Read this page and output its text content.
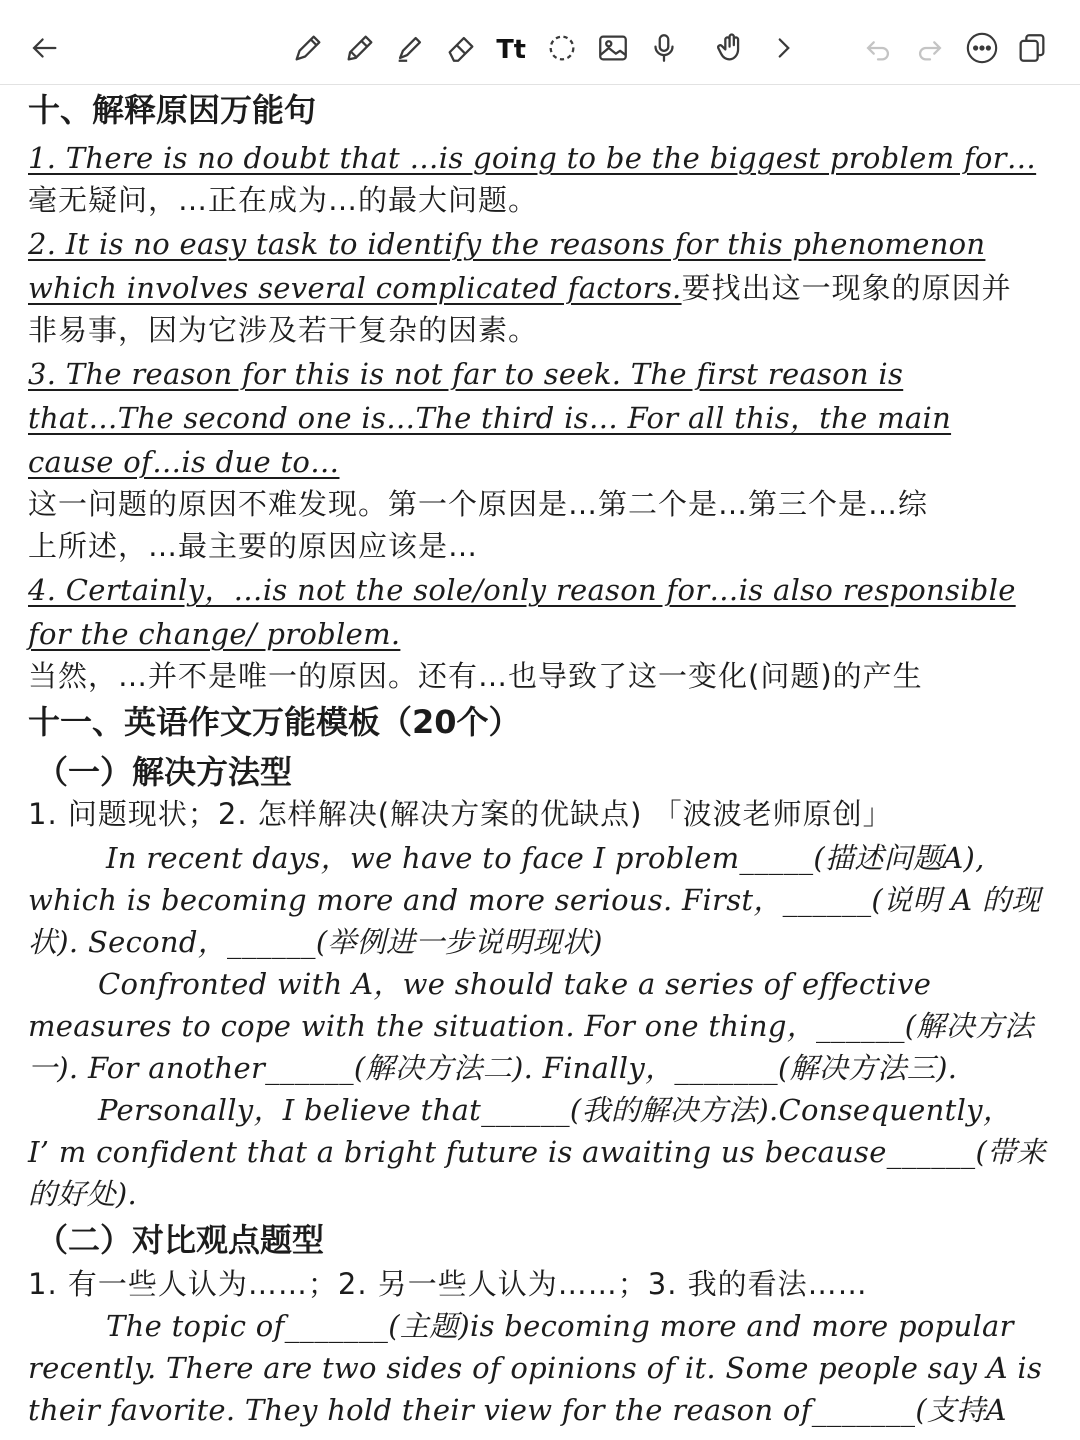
Tt
十、解释原因万能句
1. There is no doubt that …is going to be the biggest problem for…
毫无疑问，…正在成为…的最大问题。
2. It is no easy task to identify the reasons for this phenomenon
which involves several complicated factors.要找出这一现象的原因并
非易事，因为它涉及若干复杂的因素。
3. The reason for this is not far to seek. The first reason is
that…The second one is…The third is… For all this，the main
cause of…is due to…
这一问题的原因不难发现。第一个原因是…第二个是…第三个是…综
上所述，…最主要的原因应该是…
4. Certainly，…is not the sole/only reason for…is also responsible
for the change/ problem.
当然，…并不是唯一的原因。还有…也导致了这一变化(问题)的产生
十一、英语作文万能模板（20个）
（一）解决方法型
1. 问题现状；2. 怎样解决(解决方案的优缺点) 「波波老师原创」
In recent days，we have to face I problem_____(描述问题A),
which is becoming more and more serious. First，______(说明 A 的现
状). Second，______(举例进一步说明现状)
Confronted with A，we should take a series of effective
measures to cope with the situation. For one thing，______(解决方法
一). For another______(解决方法二). Finally，_______(解决方法三).
Personally，I believe that______(我的解决方法).Consequently，
I’ m confident that a bright future is awaiting us because______(带来
的好处).
（二）对比观点题型
1. 有一些人认为……；2. 另一些人认为……；3. 我的看法……
The topic of_______(主题)is becoming more and more popular
recently. There are two sides of opinions of it. Some people say A is
their favorite. They hold their view for the reason of_______(支持A
